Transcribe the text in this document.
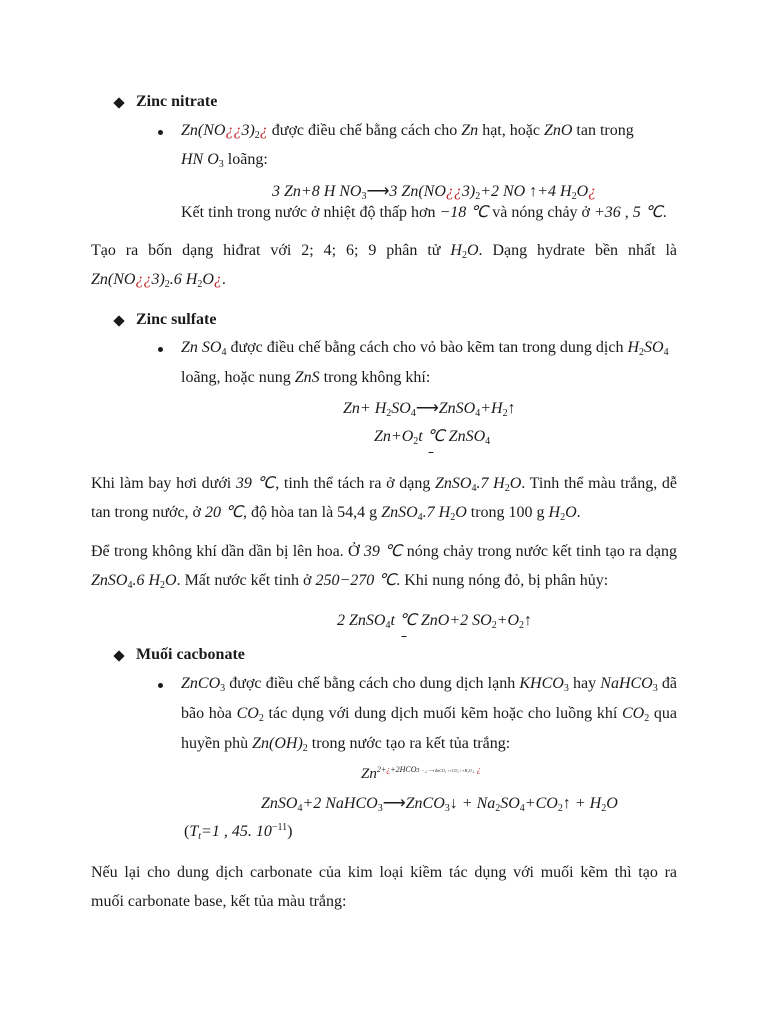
Zinc nitrate
$Zn(NO¿¿3)_2¿$ được điều chế bằng cách cho Zn hạt, hoặc ZnO tan trong
HN $O_3$ loãng:
3 Zn+8 H $NO_3⟶3$ $Zn(NO¿¿3)_2+2$ NO ↑+4 $H_2O¿$
Kết tinh trong nước ở nhiệt độ thấp hơn −18 ℃ và nóng chảy ở +36 , 5 ℃.
Tạo ra bốn dạng hiđrat với 2; 4; 6; 9 phân tử $H_2O$. Dạng hydrate bền nhất là
$Zn(NO¿¿3)_2.6$ $H_2O¿$.
Zinc sulfate
Zn $SO_4$ được điều chế bằng cách cho vỏ bào kẽm tan trong dung dịch $H_2SO_4$
loãng, hoặc nung ZnS trong không khí:
$Zn+ H_2SO_4⟶ZnSO_4+H_2↑$
$Zn+O_2t$ ℃ ZnSO$_4$
Khi làm bay hơi dưới 39 ℃, tinh thể tách ra ở dạng ZnSO$_4$.7 $H_2O$. Tinh thể màu trắng, dễ
tan trong nước, ở 20 ℃, độ hòa tan là 54,4 g ZnSO$_4$.7 $H_2O$ trong 100 g $H_2O$.
Để trong không khí dần dần bị lên hoa. Ở 39 ℃ nóng chảy trong nước kết tinh tạo ra dạng
ZnSO$_4$.6 $H_2O$. Mất nước kết tinh ở 250−270 ℃. Khi nung nóng đỏ, bị phân hủy:
2 ZnSO$_4$t ℃ ZnO+2 $SO_2+O_2↑$
Muối cacbonate
ZnCO$_3$ được điều chế bằng cách cho dung dịch lạnh $KHCO_3$ hay NaHCO$_3$ đã
bão hòa $CO_2$ tác dụng với dung dịch muối kẽm hoặc cho luồng khí $CO_2$ qua
huyền phù $Zn(OH)_2$ trong nước tạo ra kết tủa trắng:
$Zn^{2+¿+2HCO3 - ¿ ⟶ ZnCO_3 ↓+CO_2 ↑+H_2O ¿ ¿}$
ZnSO$_4$+2 NaHCO$_3$⟶ZnCO$_3$↓ + $Na_2SO_4+CO_2↑ + H_2O$
($T_t=1$ , 45. $10^{-11}$)
Nếu lại cho dung dịch carbonate của kim loại kiềm tác dụng với muối kẽm thì tạo ra
muối carbonate base, kết tủa màu trắng:
